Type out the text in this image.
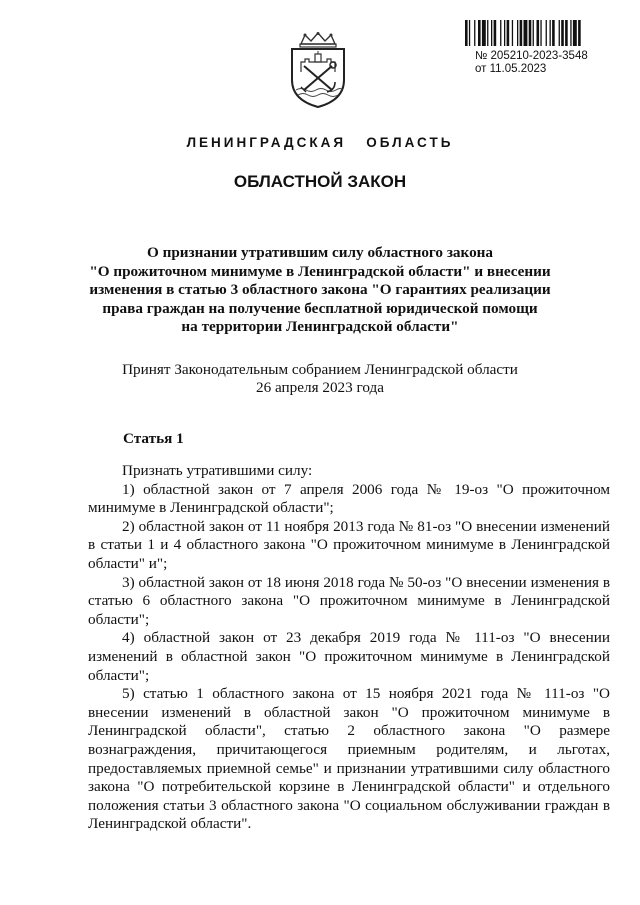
№ 205210-2023-3548
от 11.05.2023
ЛЕНИНГРАДСКАЯ   ОБЛАСТЬ
ОБЛАСТНОЙ ЗАКОН
О признании утратившим силу областного закона
"О прожиточном минимуме в Ленинградской области" и внесении
изменения в статью 3 областного закона "О гарантиях реализации
права граждан на получение бесплатной юридической помощи
на территории Ленинградской области"
Принят Законодательным собранием Ленинградской области
26 апреля 2023 года
Статья 1

Признать утратившими силу:

1) областной закон от 7 апреля 2006 года № 19-оз "О прожиточном минимуме в Ленинградской области";

2) областной закон от 11 ноября 2013 года № 81-оз "О внесении изменений в статьи 1 и 4 областного закона "О прожиточном минимуме в Ленинградской области" и";

3) областной закон от 18 июня 2018 года № 50-оз "О внесении изменения в статью 6 областного закона "О прожиточном минимуме в Ленинградской области";

4) областной закон от 23 декабря 2019 года № 111-оз "О внесении изменений в областной закон "О прожиточном минимуме в Ленинградской области";

5) статью 1 областного закона от 15 ноября 2021 года № 111-оз "О внесении изменений в областной закон "О прожиточном минимуме в Ленинградской области", статью 2 областного закона "О размере вознаграждения, причитающегося приемным родителям, и льготах, предоставляемых приемной семье" и признании утратившими силу областного закона "О потребительской корзине в Ленинградской области" и отдельного положения статьи 3 областного закона "О социальном обслуживании граждан в Ленинградской области".
